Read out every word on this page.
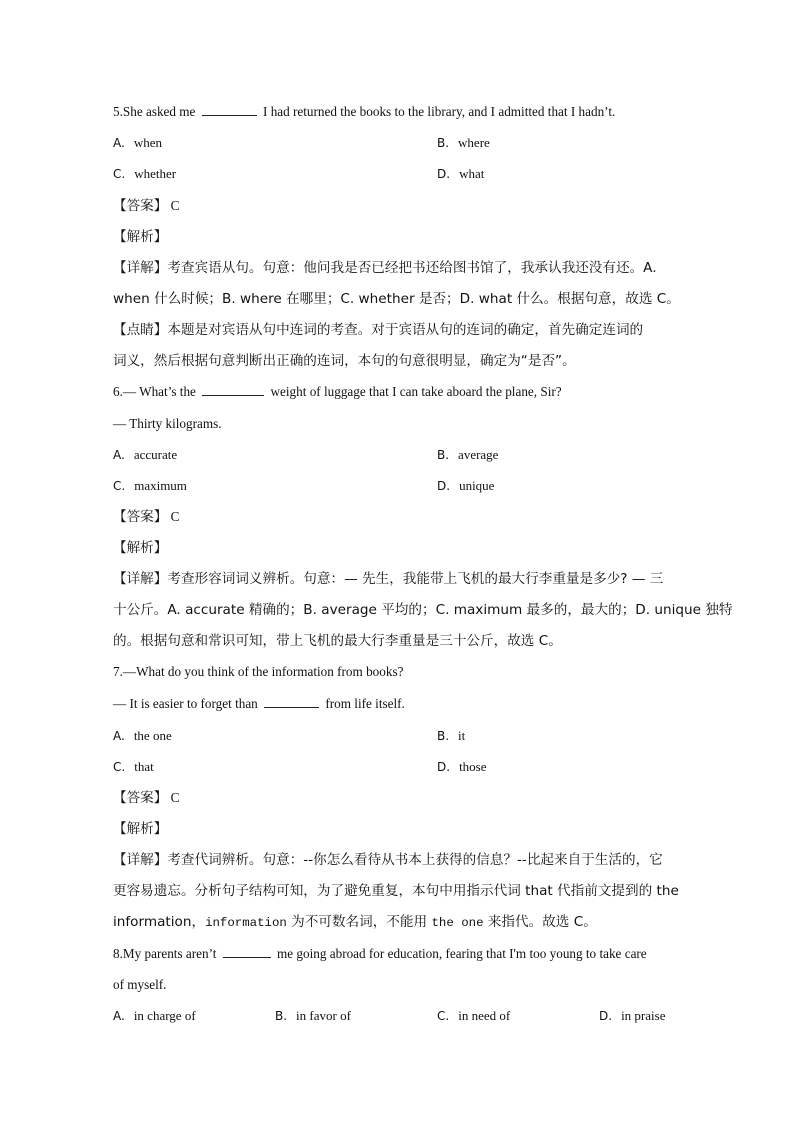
5.She asked me	I had returned the books to the library, and I admitted that I hadn’t.
A. when	B. where
C. whether	D. what
【答案】 C
【解析】
【详解】考查宾语从句。句意：他问我是否已经把书还给图书馆了，我承认我还没有还。A.
when 什么时候；B. where 在哪里；C. whether 是否；D. what 什么。根据句意，故选 C。
【点睛】本题是对宾语从句中连词的考查。对于宾语从句的连词的确定，首先确定连词的
词义，然后根据句意判断出正确的连词，本句的句意很明显，确定为“是否”。
6.— What’s the	weight of luggage that I can take aboard the plane, Sir?
— Thirty kilograms.
A. accurate	B. average
C. maximum	D. unique
【答案】 C
【解析】
【详解】考查形容词词义辨析。句意：— 先生，我能带上飞机的最大行李重量是多少? — 三
十公斤。A. accurate 精确的；B. average 平均的；C. maximum 最多的，最大的；D. unique 独特
的。根据句意和常识可知，带上飞机的最大行李重量是三十公斤，故选 C。
7.—What do you think of the information from books?
— It is easier to forget than	from life itself.
A. the one	B. it
C. that	D. those
【答案】 C
【解析】
【详解】考查代词辨析。句意：--你怎么看待从书本上获得的信息？--比起来自于生活的，它
更容易遗忘。分析句子结构可知，为了避免重复，本句中用指示代词 that 代指前文提到的 the
information，information 为不可数名词，不能用 the one 来指代。故选 C。
8.My parents aren’t	me going abroad for education, fearing that I'm too young to take care
of myself.
A. in charge of	B. in favor of	C. in need of	D. in praise
